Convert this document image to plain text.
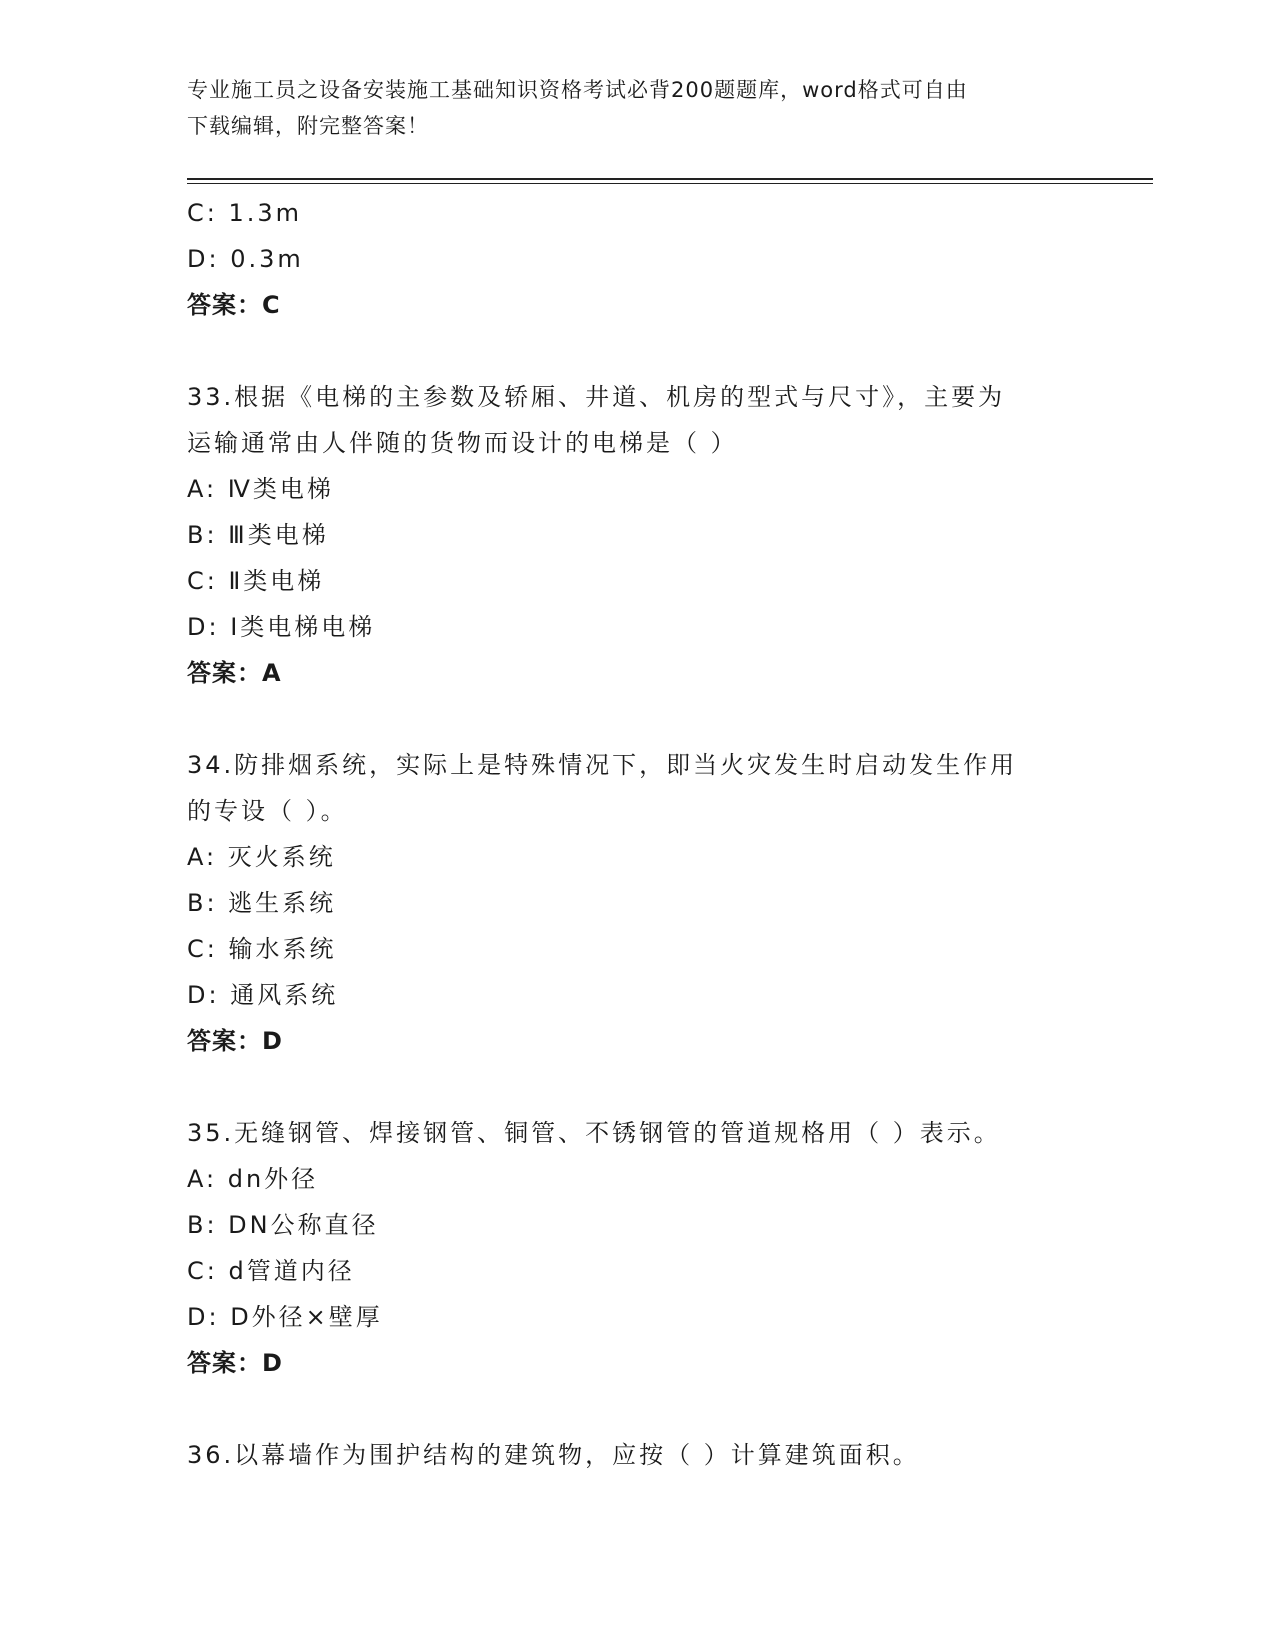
专业施工员之设备安装施工基础知识资格考试必背200题题库，word格式可自由
下载编辑，附完整答案！
C: 1.3m
D: 0.3m
答案：C
33.根据《电梯的主参数及轿厢、井道、机房的型式与尺寸》，主要为
运输通常由人伴随的货物而设计的电梯是（ ）
A: Ⅳ类电梯
B: Ⅲ类电梯
C: Ⅱ类电梯
D: Ⅰ类电梯电梯
答案：A
34.防排烟系统，实际上是特殊情况下，即当火灾发生时启动发生作用
的专设（ ）。
A: 灭火系统
B: 逃生系统
C: 输水系统
D: 通风系统
答案：D
35.无缝钢管、焊接钢管、铜管、不锈钢管的管道规格用（ ）表示。
A: dn外径
B: DN公称直径
C: d管道内径
D: D外径×壁厚
答案：D
36.以幕墙作为围护结构的建筑物，应按（ ）计算建筑面积。
